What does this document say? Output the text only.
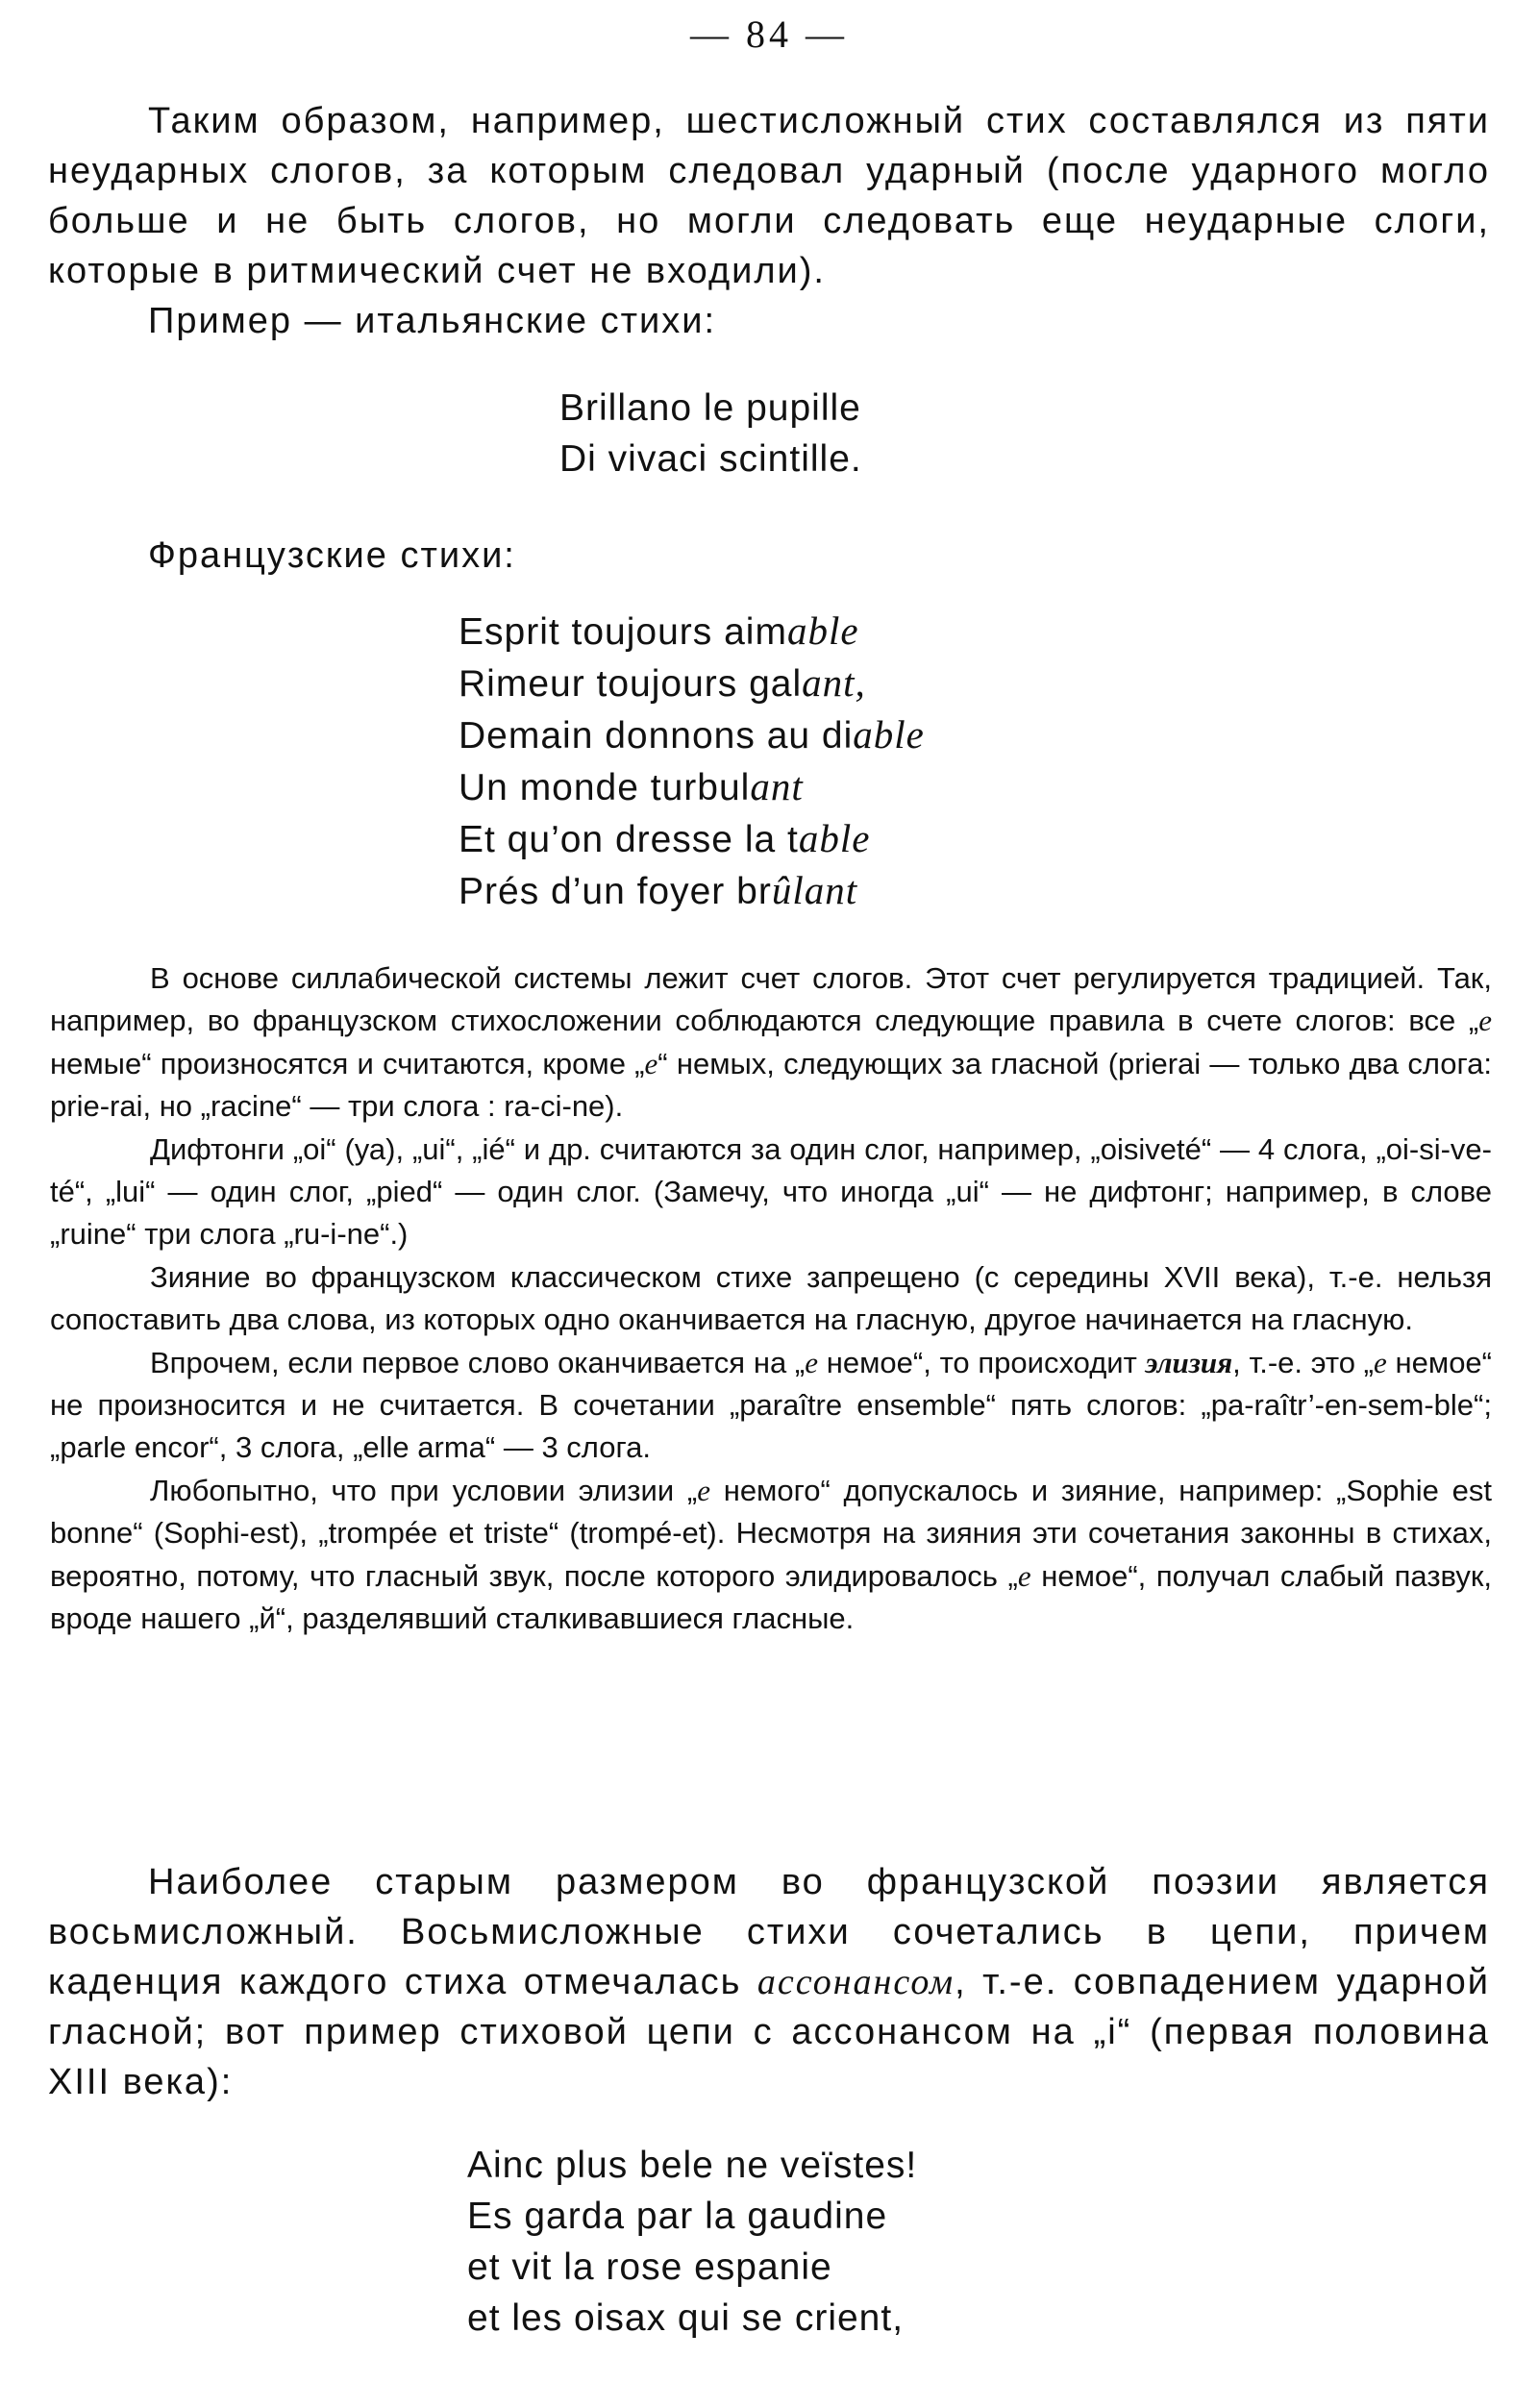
— 84 —

Таким образом, например, шестисложный стих составлялся из пяти неударных слогов, за которым следовал ударный (после ударного могло больше и не быть слогов, но могли следовать еще неударные слоги, которые в ритмический счет не входили).

Пример — итальянские стихи:

Brillano le pupille
Di vivaci scintille.

Французские стихи:

Esprit toujours aimable
Rimeur toujours galant,
Demain donnons au diable
Un monde turbulant
Et qu’on dresse la table
Prés d’un foyer brûlant

В основе силлабической системы лежит счет слогов. Этот счет регулируется традицией. Так, например, во французском стихосложении соблюдаются следующие правила в счете слогов: все „e немые“ произносятся и считаются, кроме „e“ немых, следующих за гласной (prierai — только два слога: prie-rai, но „racine“ — три слога : ra-ci-ne).

Дифтонги „oi“ (уа), „ui“, „ié“ и др. считаются за один слог, например, „oisiveté“ — 4 слога, „oi-si-ve-té“, „lui“ — один слог, „pied“ — один слог. (Замечу, что иногда „ui“ — не дифтонг; например, в слове „ruine“ три слога „ru-i-ne“.)

Зияние во французском классическом стихе запрещено (с середины XVII века), т.-е. нельзя сопоставить два слова, из которых одно оканчивается на гласную, другое начинается на гласную.

Впрочем, если первое слово оканчивается на „e немое“, то происходит элизия, т.-е. это „e немое“ не произносится и не считается. В сочетании „paraître ensemble“ пять слогов: „pa-raîtr’-en-sem-ble“; „parle encor“, 3 слога, „elle arma“ — 3 слога.

Любопытно, что при условии элизии „e немого“ допускалось и зияние, например: „Sophie est bonne“ (Sophi-est), „trompée et triste“ (trompé-et). Несмотря на зияния эти сочетания законны в стихах, вероятно, потому, что гласный звук, после которого элидировалось „e немое“, получал слабый пазвук, вроде нашего „й“, разделявший сталкивавшиеся гласные.

Наиболее старым размером во французской поэзии является восьмисложный. Восьмисложные стихи сочетались в цепи, причем каденция каждого стиха отмечалась ассонансом, т.-е. совпадением ударной гласной; вот пример стиховой цепи с ассонансом на „i“ (первая половина XIII века):

Ainc plus bele ne veïstes!
Es garda par la gaudine
et vit la rose espanie
et les oisax qui se crient,
